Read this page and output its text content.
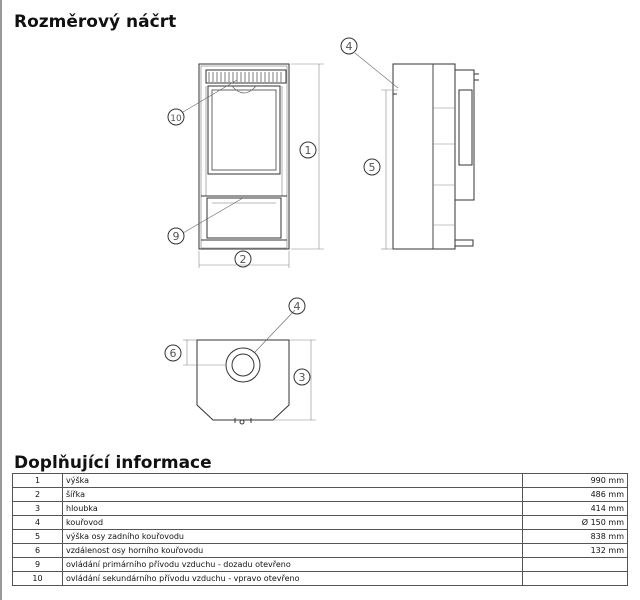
Rozměrový náčrt
1
2
10
9
4
5
4
6
3
Doplňující informace
1	výška	990 mm
2	šířka	486 mm
3	hloubka	414 mm
4	kouřovod	Ø 150 mm
5	výška osy zadního kouřovodu	838 mm
6	vzdálenost osy horního kouřovodu	132 mm
9	ovládání primárního přívodu vzduchu - dozadu otevřeno	
10	ovládání sekundárního přívodu vzduchu - vpravo otevřeno	
